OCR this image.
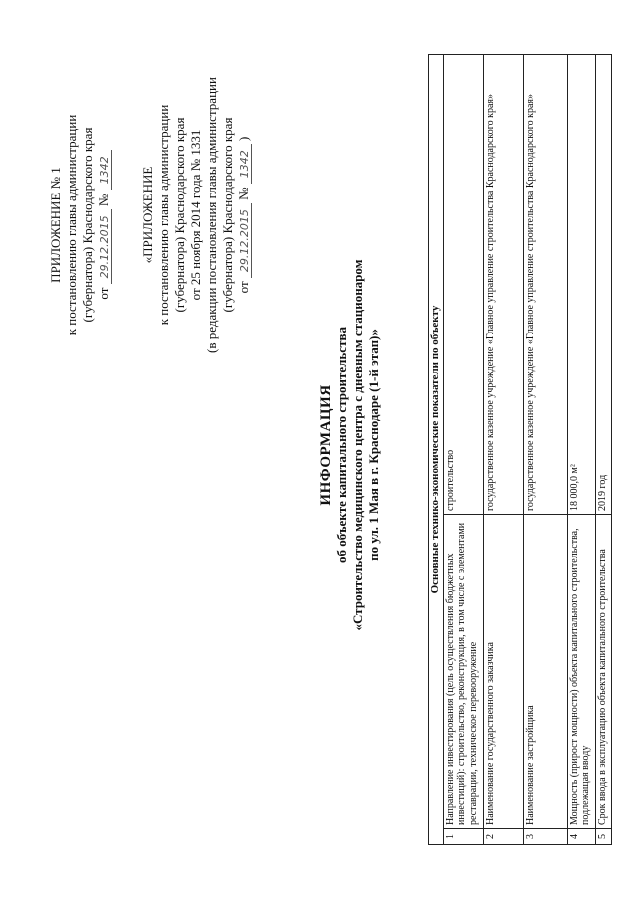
ПРИЛОЖЕНИЕ № 1 к постановлению главы администрации (губернатора) Краснодарского края от 29.12.2015 № 1342 «ПРИЛОЖЕНИЕ к постановлению главы администрации (губернатора) Краснодарского края от 25 ноября 2014 года № 1331 (в редакции постановления главы администрации (губернатора) Краснодарского края от 29.12.2015 № 1342 )
ИНФОРМАЦИЯ об объекте капитального строительства «Строительство медицинского центра с дневным стационаром по ул. 1 Мая в г. Краснодаре (1-й этап)»	Основные технико-экономические показатели по объекту		
1	Направление инвестирования (цель осуществления бюджетных инвестиций): строительство, реконструкция, в том числе с элементами реставрации, техническое перевооружение	строительство
2	Наименование государственного заказчика	государственное казенное учреждение «Главное управление строительства Краснодарского края»
3	Наименование застройщика	государственное казенное учреждение «Главное управление строительства Краснодарского края»
4	Мощность (прирост мощности) объекта капитального строительства, подлежащая вводу	18 000,0 м²
5	Срок ввода в эксплуатацию объекта капитального строительства	2019 год
